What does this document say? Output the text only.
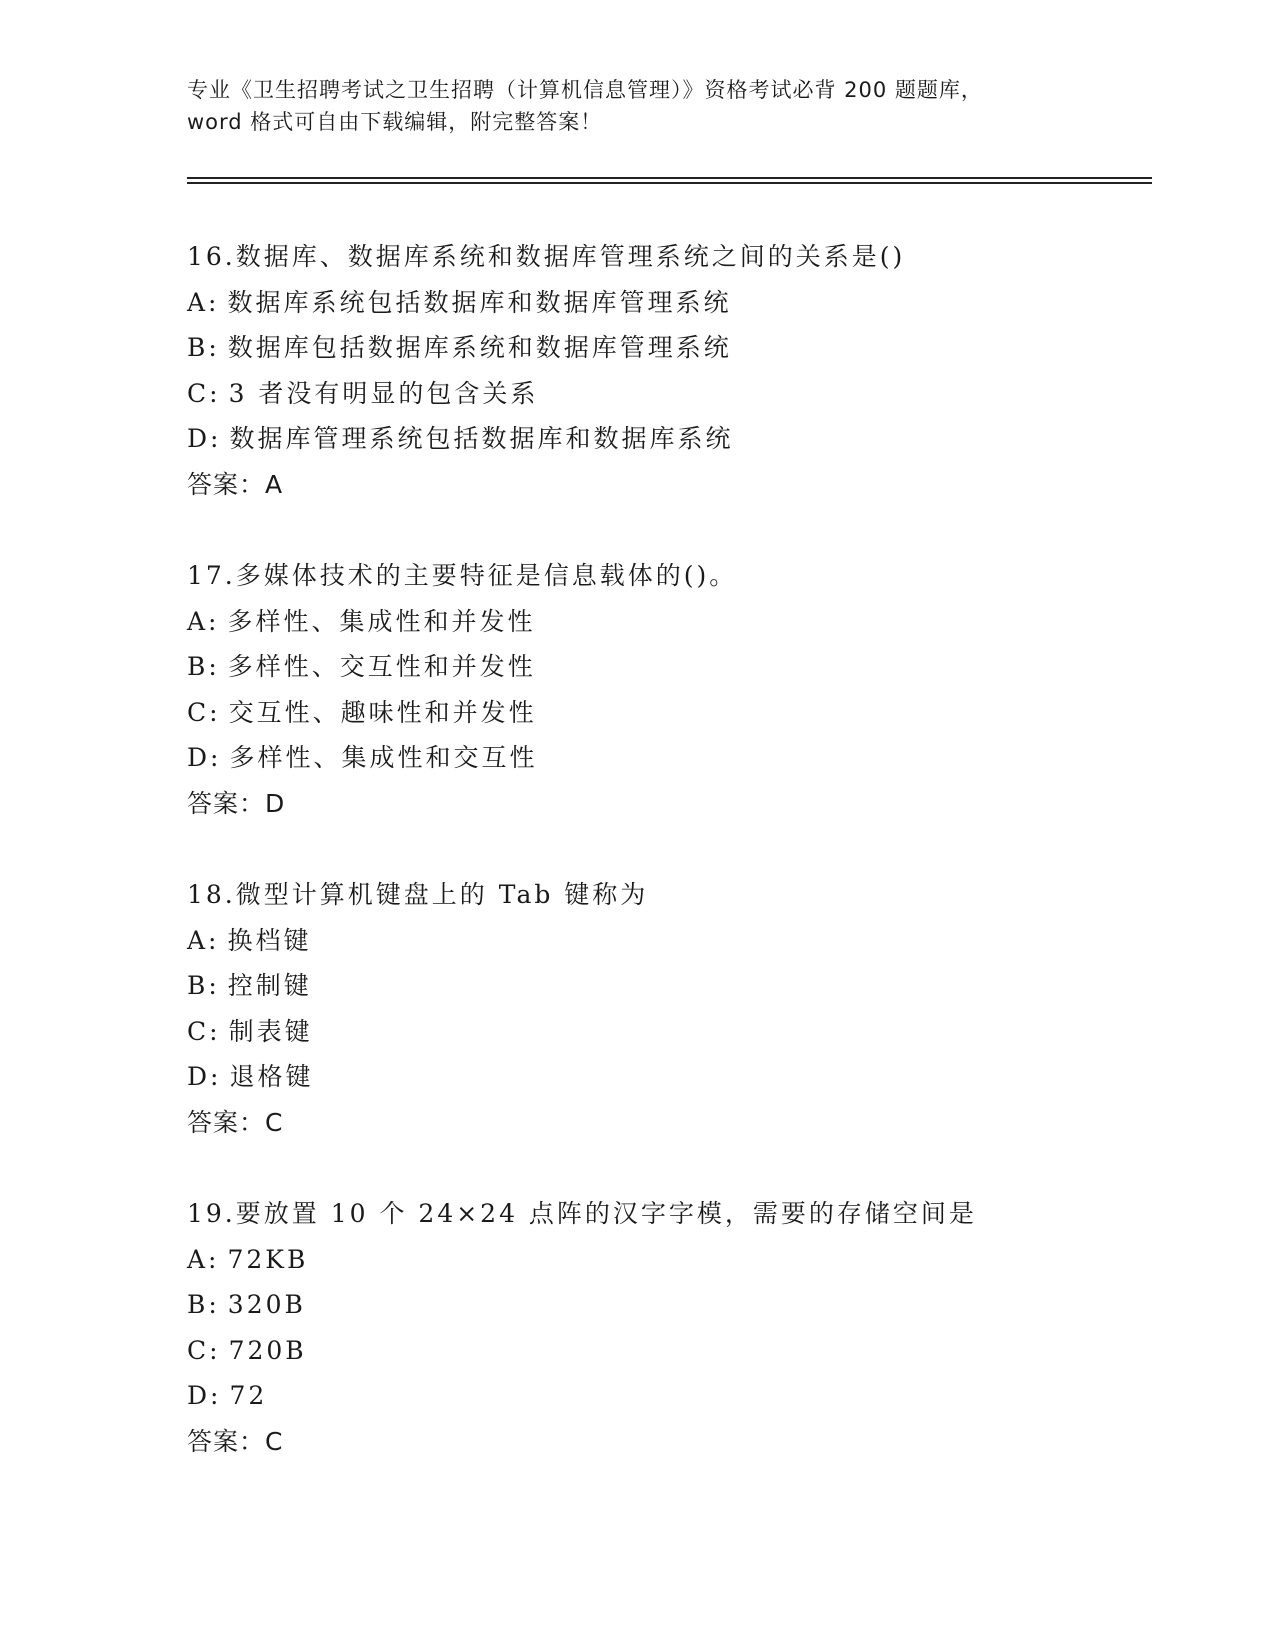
专业《卫生招聘考试之卫生招聘（计算机信息管理）》资格考试必背 200 题题库，

word 格式可自由下载编辑，附完整答案！

16.数据库、数据库系统和数据库管理系统之间的关系是()
A: 数据库系统包括数据库和数据库管理系统
B: 数据库包括数据库系统和数据库管理系统
C: 3 者没有明显的包含关系
D: 数据库管理系统包括数据库和数据库系统
答案：A
17.多媒体技术的主要特征是信息载体的()。
A: 多样性、集成性和并发性
B: 多样性、交互性和并发性
C: 交互性、趣味性和并发性
D: 多样性、集成性和交互性
答案：D
18.微型计算机键盘上的 Tab 键称为
A: 换档键
B: 控制键
C: 制表键
D: 退格键
答案：C
19.要放置 10 个 24×24 点阵的汉字字模，需要的存储空间是
A: 72KB
B: 320B
C: 720B
D: 72
答案：C
